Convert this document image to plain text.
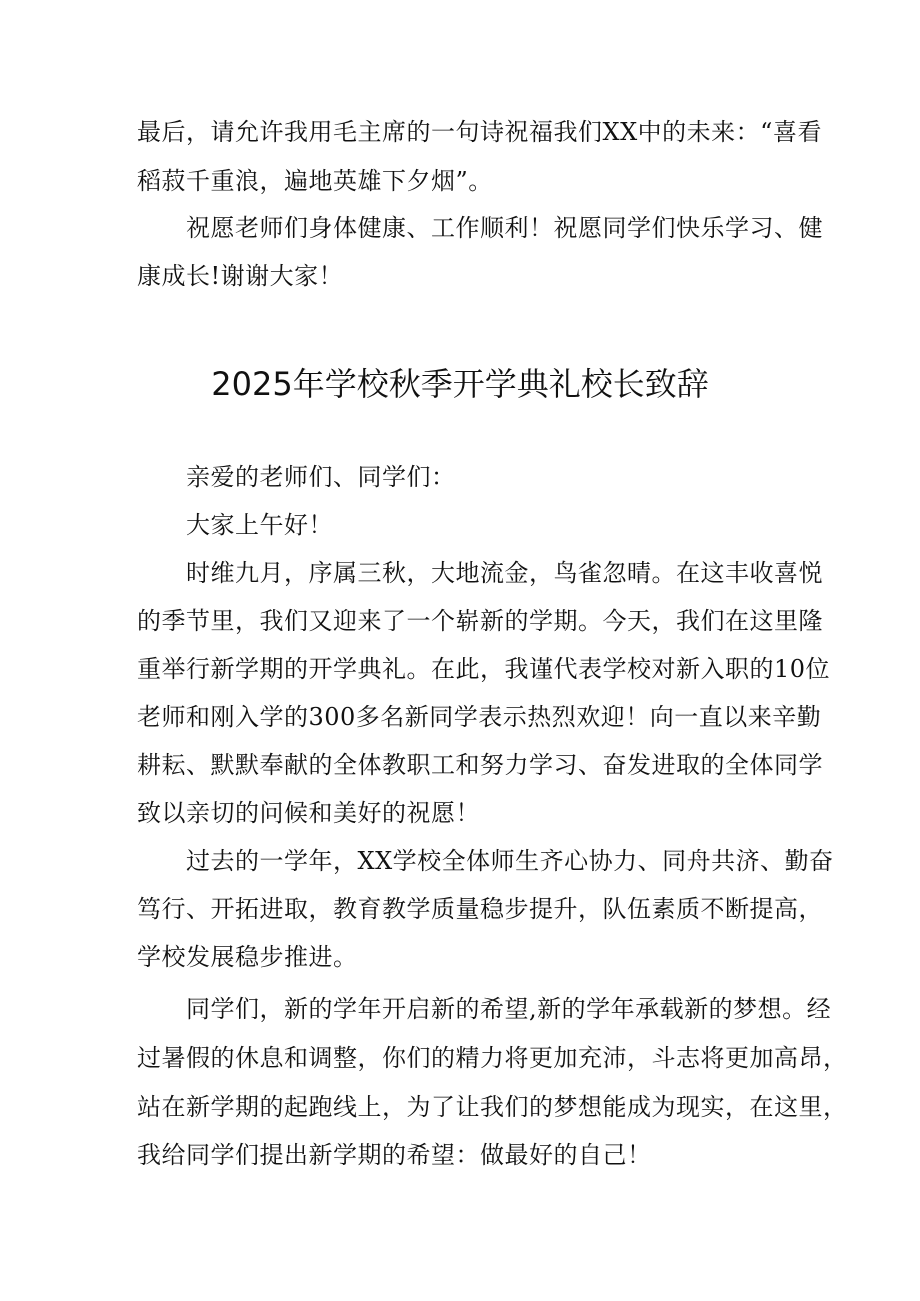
最后，请允许我用毛主席的一句诗祝福我们XX中的未来：“喜看
稻菽千重浪，遍地英雄下夕烟”。
祝愿老师们身体健康、工作顺利！祝愿同学们快乐学习、健
康成长!谢谢大家！
2025年学校秋季开学典礼校长致辞
亲爱的老师们、同学们：
大家上午好！
时维九月，序属三秋，大地流金，鸟雀忽晴。在这丰收喜悦
的季节里，我们又迎来了一个崭新的学期。今天，我们在这里隆
重举行新学期的开学典礼。在此，我谨代表学校对新入职的10位
老师和刚入学的300多名新同学表示热烈欢迎！向一直以来辛勤
耕耘、默默奉献的全体教职工和努力学习、奋发进取的全体同学
致以亲切的问候和美好的祝愿！
过去的一学年，XX学校全体师生齐心协力、同舟共济、勤奋
笃行、开拓进取，教育教学质量稳步提升，队伍素质不断提高，
学校发展稳步推进。
同学们，新的学年开启新的希望,新的学年承载新的梦想。经
过暑假的休息和调整，你们的精力将更加充沛，斗志将更加高昂，
站在新学期的起跑线上，为了让我们的梦想能成为现实，在这里，
我给同学们提出新学期的希望：做最好的自己！
